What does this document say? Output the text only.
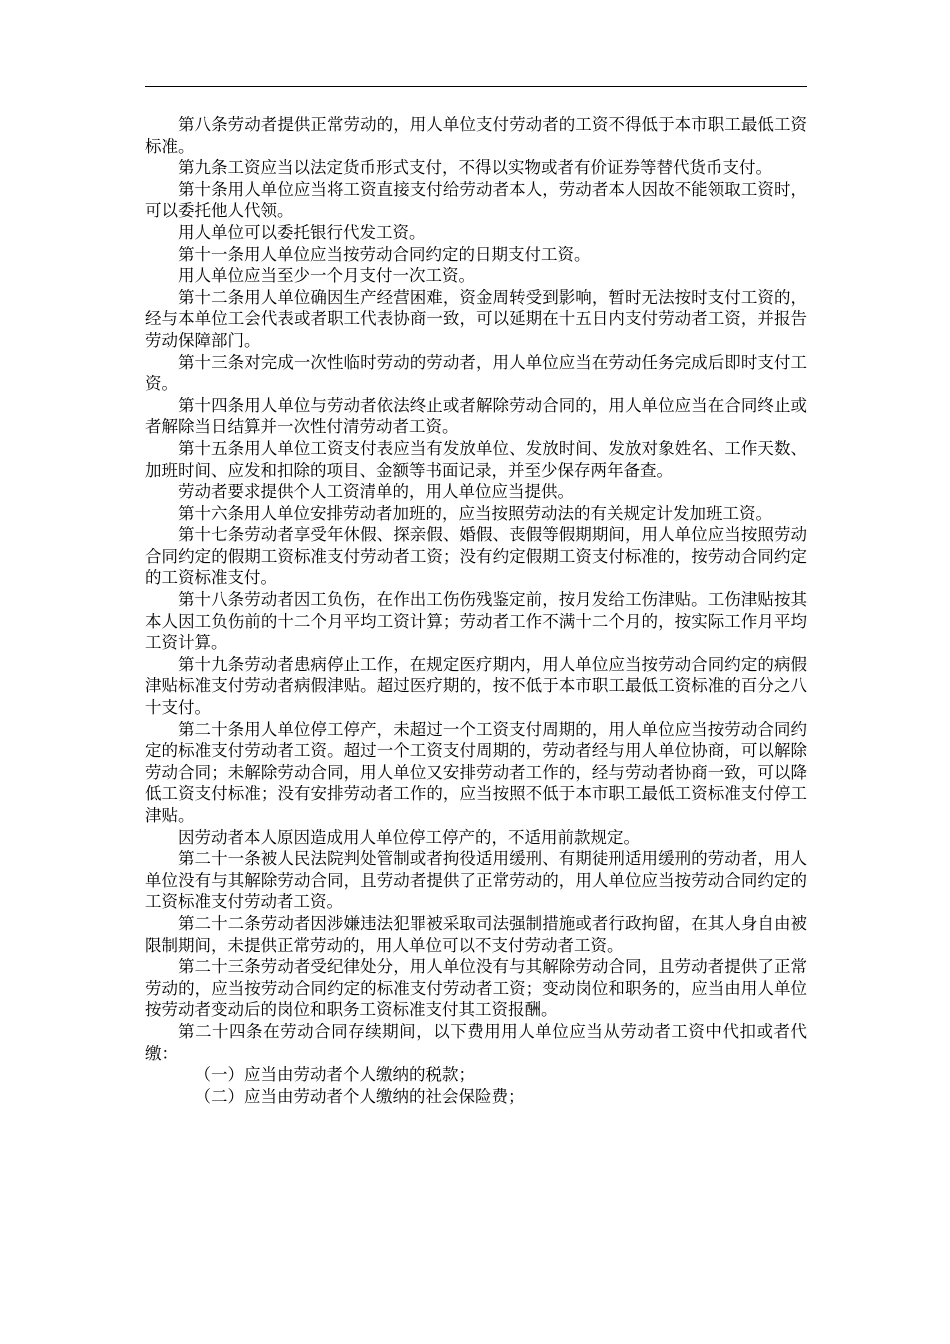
第八条劳动者提供正常劳动的，用人单位支付劳动者的工资不得低于本市职工最低工资标准。

第九条工资应当以法定货币形式支付，不得以实物或者有价证券等替代货币支付。

第十条用人单位应当将工资直接支付给劳动者本人，劳动者本人因故不能领取工资时，可以委托他人代领。

用人单位可以委托银行代发工资。

第十一条用人单位应当按劳动合同约定的日期支付工资。

用人单位应当至少一个月支付一次工资。

第十二条用人单位确因生产经营困难，资金周转受到影响，暂时无法按时支付工资的，经与本单位工会代表或者职工代表协商一致，可以延期在十五日内支付劳动者工资，并报告劳动保障部门。

第十三条对完成一次性临时劳动的劳动者，用人单位应当在劳动任务完成后即时支付工资。

第十四条用人单位与劳动者依法终止或者解除劳动合同的，用人单位应当在合同终止或者解除当日结算并一次性付清劳动者工资。

第十五条用人单位工资支付表应当有发放单位、发放时间、发放对象姓名、工作天数、加班时间、应发和扣除的项目、金额等书面记录，并至少保存两年备查。

劳动者要求提供个人工资清单的，用人单位应当提供。

第十六条用人单位安排劳动者加班的，应当按照劳动法的有关规定计发加班工资。

第十七条劳动者享受年休假、探亲假、婚假、丧假等假期期间，用人单位应当按照劳动合同约定的假期工资标准支付劳动者工资；没有约定假期工资支付标准的，按劳动合同约定的工资标准支付。

第十八条劳动者因工负伤，在作出工伤伤残鉴定前，按月发给工伤津贴。工伤津贴按其本人因工负伤前的十二个月平均工资计算；劳动者工作不满十二个月的，按实际工作月平均工资计算。

第十九条劳动者患病停止工作，在规定医疗期内，用人单位应当按劳动合同约定的病假津贴标准支付劳动者病假津贴。超过医疗期的，按不低于本市职工最低工资标准的百分之八十支付。

第二十条用人单位停工停产，未超过一个工资支付周期的，用人单位应当按劳动合同约定的标准支付劳动者工资。超过一个工资支付周期的，劳动者经与用人单位协商，可以解除劳动合同；未解除劳动合同，用人单位又安排劳动者工作的，经与劳动者协商一致，可以降低工资支付标准；没有安排劳动者工作的，应当按照不低于本市职工最低工资标准支付停工津贴。

因劳动者本人原因造成用人单位停工停产的，不适用前款规定。

第二十一条被人民法院判处管制或者拘役适用缓刑、有期徒刑适用缓刑的劳动者，用人单位没有与其解除劳动合同，且劳动者提供了正常劳动的，用人单位应当按劳动合同约定的工资标准支付劳动者工资。

第二十二条劳动者因涉嫌违法犯罪被采取司法强制措施或者行政拘留，在其人身自由被限制期间，未提供正常劳动的，用人单位可以不支付劳动者工资。

第二十三条劳动者受纪律处分，用人单位没有与其解除劳动合同，且劳动者提供了正常劳动的，应当按劳动合同约定的标准支付劳动者工资；变动岗位和职务的，应当由用人单位按劳动者变动后的岗位和职务工资标准支付其工资报酬。

第二十四条在劳动合同存续期间，以下费用用人单位应当从劳动者工资中代扣或者代缴：

（一）应当由劳动者个人缴纳的税款；

（二）应当由劳动者个人缴纳的社会保险费；
